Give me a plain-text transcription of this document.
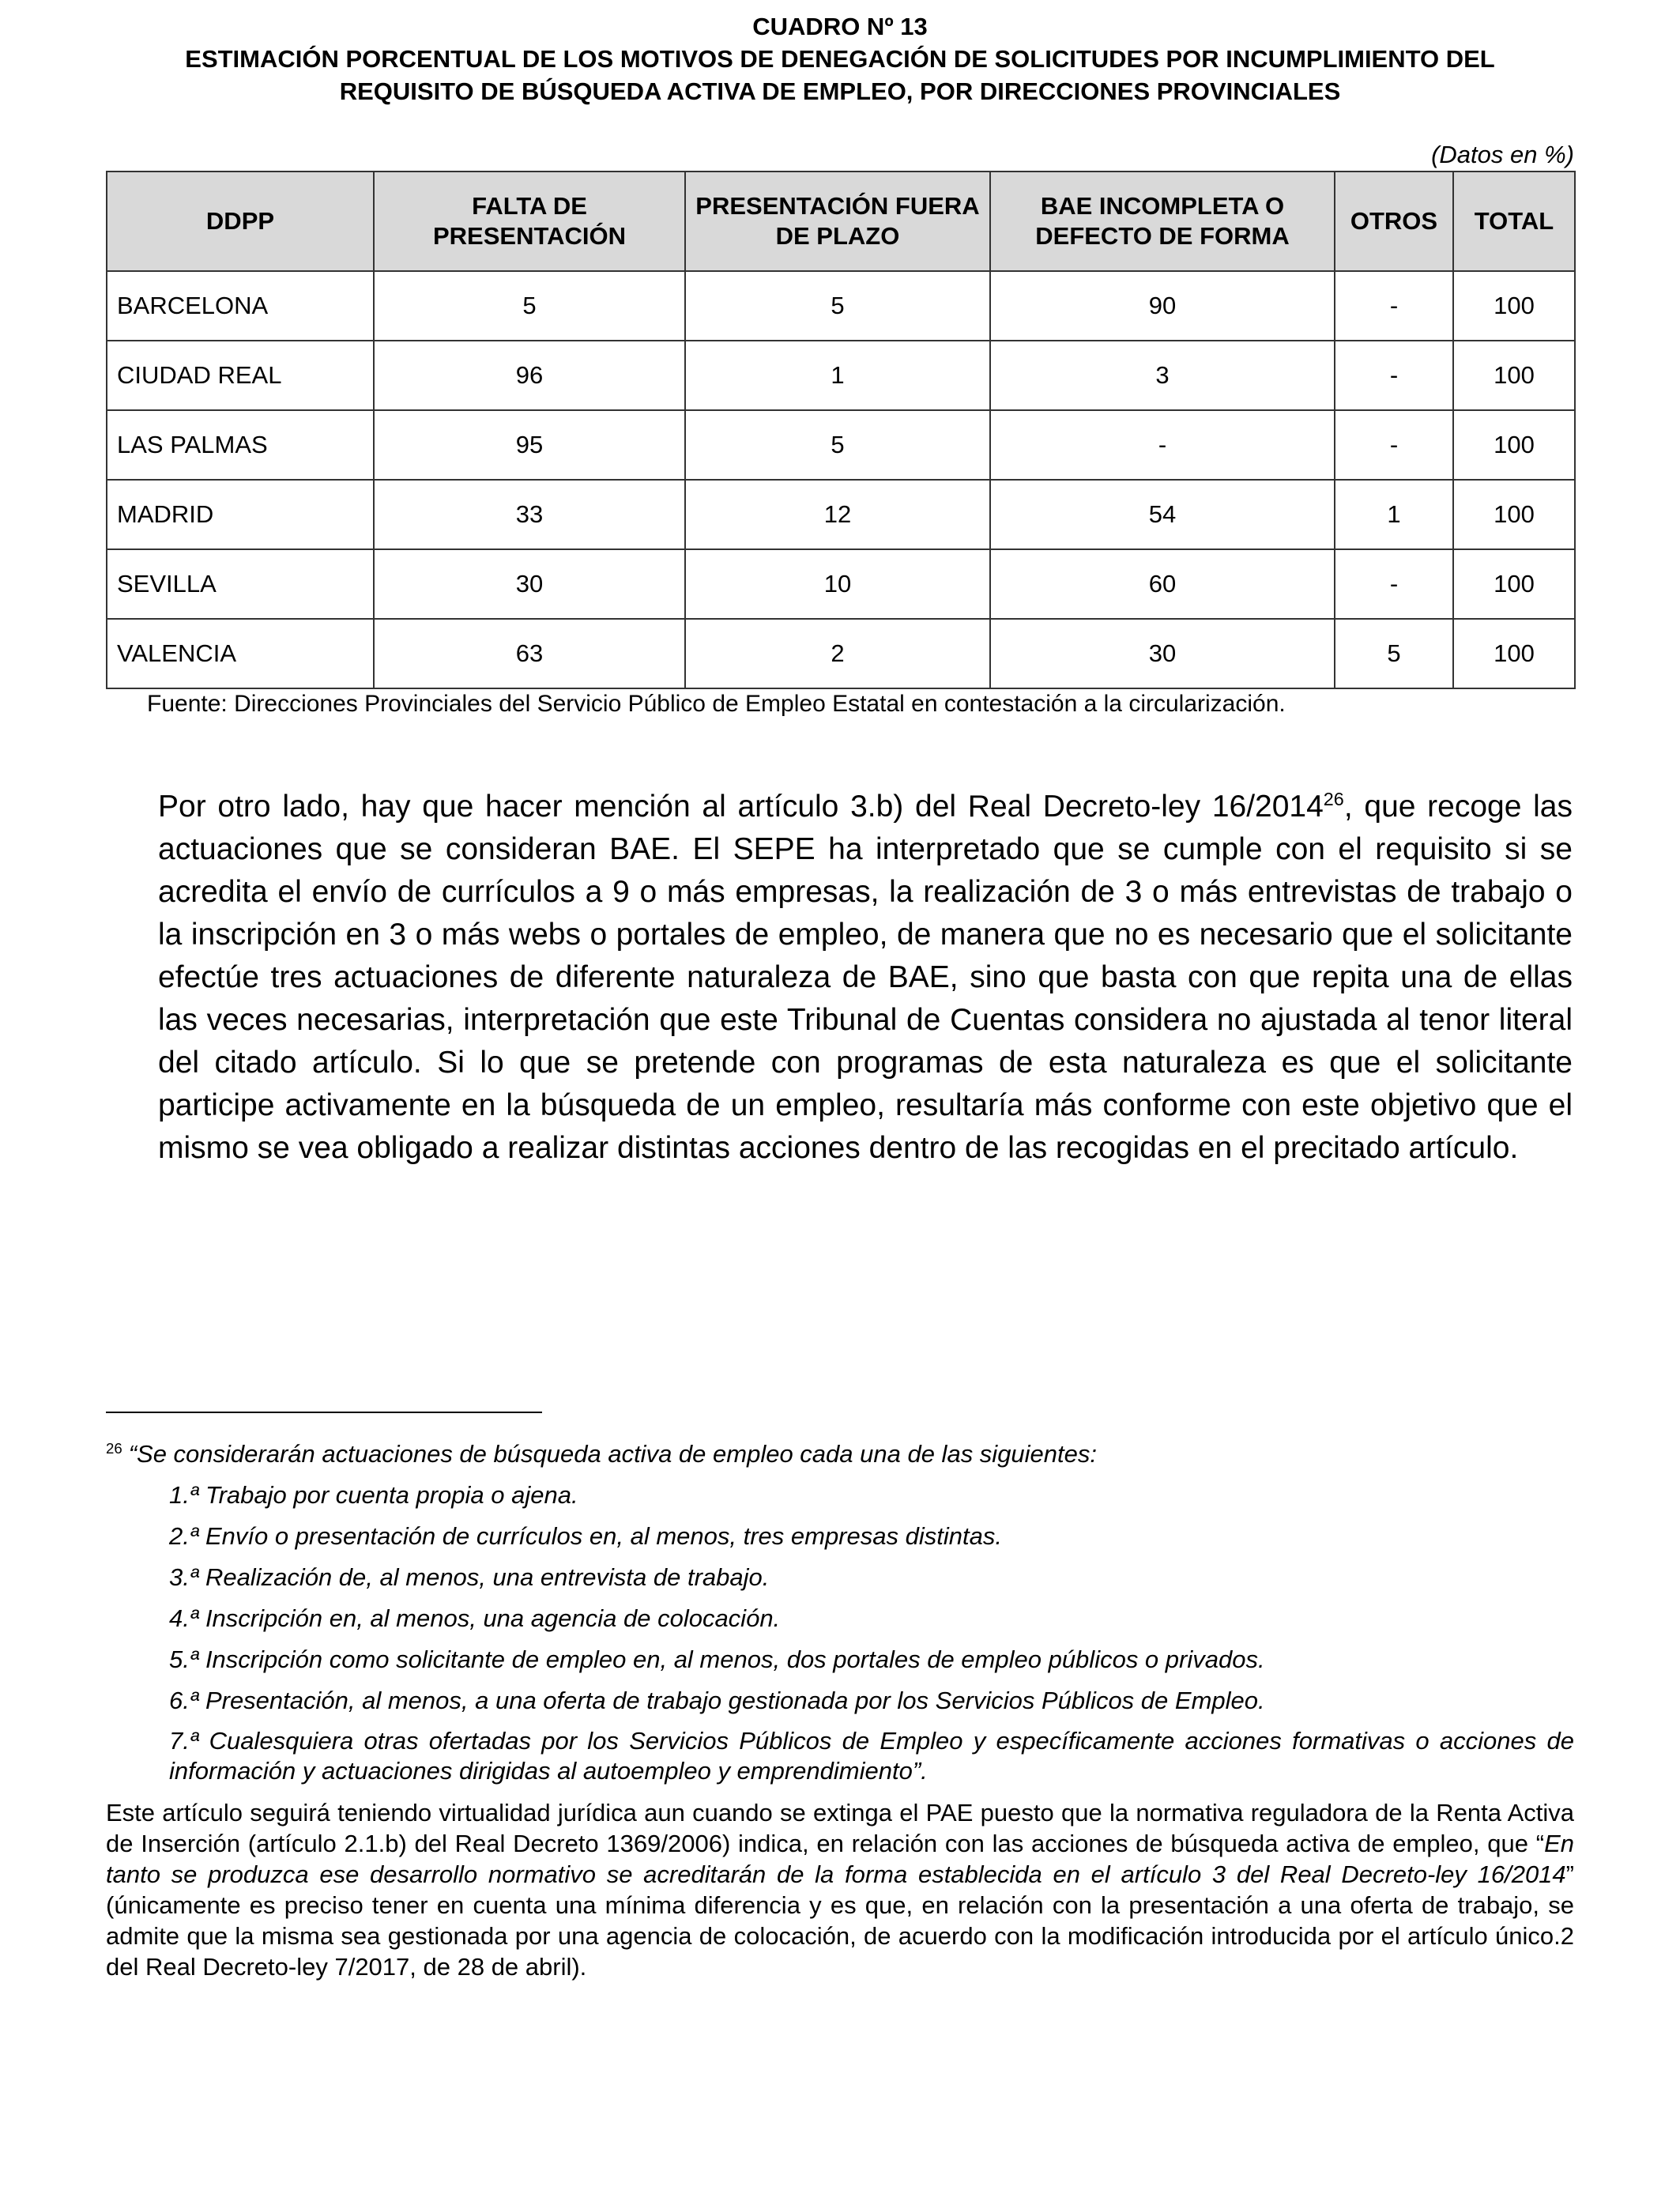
CUADRO Nº 13
ESTIMACIÓN PORCENTUAL DE LOS MOTIVOS DE DENEGACIÓN DE SOLICITUDES POR INCUMPLIMIENTO DEL
REQUISITO DE BÚSQUEDA ACTIVA DE EMPLEO, POR DIRECCIONES PROVINCIALES
(Datos en %)
DDPP	FALTA DE PRESENTACIÓN	PRESENTACIÓN FUERA DE PLAZO	BAE INCOMPLETA O DEFECTO DE FORMA	OTROS	TOTAL
BARCELONA	5	5	90	-	100
CIUDAD REAL	96	1	3	-	100
LAS PALMAS	95	5	-	-	100
MADRID	33	12	54	1	100
SEVILLA	30	10	60	-	100
VALENCIA	63	2	30	5	100
Fuente: Direcciones Provinciales del Servicio Público de Empleo Estatal en contestación a la circularización.

Por otro lado, hay que hacer mención al artículo 3.b) del Real Decreto-ley 16/2014$^{26}$, que recoge las actuaciones que se consideran BAE. El SEPE ha interpretado que se cumple con el requisito si se acredita el envío de currículos a 9 o más empresas, la realización de 3 o más entrevistas de trabajo o la inscripción en 3 o más webs o portales de empleo, de manera que no es necesario que el solicitante efectúe tres actuaciones de diferente naturaleza de BAE, sino que basta con que repita una de ellas las veces necesarias, interpretación que este Tribunal de Cuentas considera no ajustada al tenor literal del citado artículo. Si lo que se pretende con programas de esta naturaleza es que el solicitante participe activamente en la búsqueda de un empleo, resultaría más conforme con este objetivo que el mismo se vea obligado a realizar distintas acciones dentro de las recogidas en el precitado artículo.

$^{26}$ “Se considerarán actuaciones de búsqueda activa de empleo cada una de las siguientes:

1.ª Trabajo por cuenta propia o ajena.
2.ª Envío o presentación de currículos en, al menos, tres empresas distintas.
3.ª Realización de, al menos, una entrevista de trabajo.
4.ª Inscripción en, al menos, una agencia de colocación.
5.ª Inscripción como solicitante de empleo en, al menos, dos portales de empleo públicos o privados.
6.ª Presentación, al menos, a una oferta de trabajo gestionada por los Servicios Públicos de Empleo.
7.ª Cualesquiera otras ofertadas por los Servicios Públicos de Empleo y específicamente acciones formativas o acciones de información y actuaciones dirigidas al autoempleo y emprendimiento”.

Este artículo seguirá teniendo virtualidad jurídica aun cuando se extinga el PAE puesto que la normativa reguladora de la Renta Activa de Inserción (artículo 2.1.b) del Real Decreto 1369/2006) indica, en relación con las acciones de búsqueda activa de empleo, que “En tanto se produzca ese desarrollo normativo se acreditarán de la forma establecida en el artículo 3 del Real Decreto-ley 16/2014” (únicamente es preciso tener en cuenta una mínima diferencia y es que, en relación con la presentación a una oferta de trabajo, se admite que la misma sea gestionada por una agencia de colocación, de acuerdo con la modificación introducida por el artículo único.2 del Real Decreto-ley 7/2017, de 28 de abril).
